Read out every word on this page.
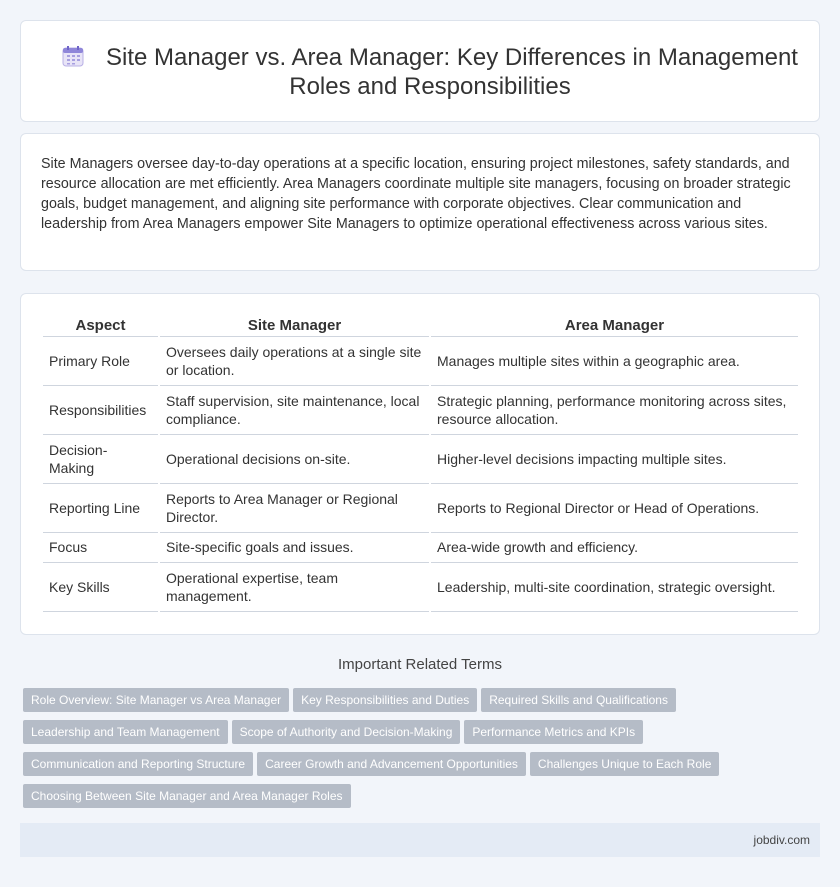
Site Manager vs. Area Manager: Key Differences in Management Roles and Responsibilities

Site Managers oversee day-to-day operations at a specific location, ensuring project milestones, safety standards, and resource allocation are met efficiently. Area Managers coordinate multiple site managers, focusing on broader strategic goals, budget management, and aligning site performance with corporate objectives. Clear communication and leadership from Area Managers empower Site Managers to optimize operational effectiveness across various sites.

Aspect	Site Manager	Area Manager
Primary Role	Oversees daily operations at a single site or location.	Manages multiple sites within a geographic area.
Responsibilities	Staff supervision, site maintenance, local compliance.	Strategic planning, performance monitoring across sites, resource allocation.
Decision-Making	Operational decisions on-site.	Higher-level decisions impacting multiple sites.
Reporting Line	Reports to Area Manager or Regional Director.	Reports to Regional Director or Head of Operations.
Focus	Site-specific goals and issues.	Area-wide growth and efficiency.
Key Skills	Operational expertise, team management.	Leadership, multi-site coordination, strategic oversight.
Important Related Terms
Role Overview: Site Manager vs Area Manager Key Responsibilities and Duties Required Skills and Qualifications
Leadership and Team Management Scope of Authority and Decision-Making Performance Metrics and KPIs
Communication and Reporting Structure Career Growth and Advancement Opportunities Challenges Unique to Each Role
Choosing Between Site Manager and Area Manager Roles
jobdiv.com
